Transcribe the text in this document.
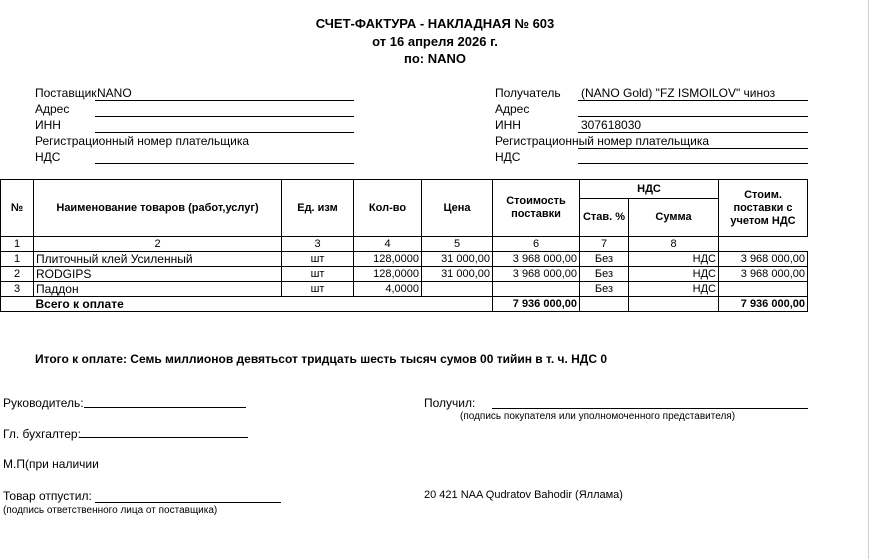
СЧЕТ-ФАКТУРА - НАКЛАДНАЯ № 603
от 16 апреля 2026 г.
по: NANO
Поставщик NANO
Адрес
ИНН
Регистрационный номер плательщика
НДС
Получатель (NANO Gold) "FZ ISMOILOV" чиноз
Адрес
ИНН	307618030
Регистрационный номер плательщика
НДС
№	Наименование товаров (работ,услуг)	Ед. изм	Кол-во	Цена	Стоимость поставки	НДС		Стоим. поставки с учетом НДС
						Став. %	Сумма	
1	2	3	4	5	6	7	8	
1	Плиточный клей Усиленный	шт	128,0000	31 000,00	3 968 000,00	Без	НДС	3 968 000,00
2	RODGIPS	шт	128,0000	31 000,00	3 968 000,00	Без	НДС	3 968 000,00
3	Паддон	шт	4,0000			Без	НДС	
	Всего к оплате				7 936 000,00			7 936 000,00
Итого к оплате: Семь миллионов девятьсот тридцать шесть тысяч сумов 00 тийин в т. ч. НДС 0
Руководитель:
Гл. бухгалтер:
М.П(при наличии
Товар отпустил:
(подпись ответственного лица от поставщика)
Получил:
(подпись покупателя или уполномоченного представителя)
20 421 NAA Qudratov Bahodir (Яллама)
